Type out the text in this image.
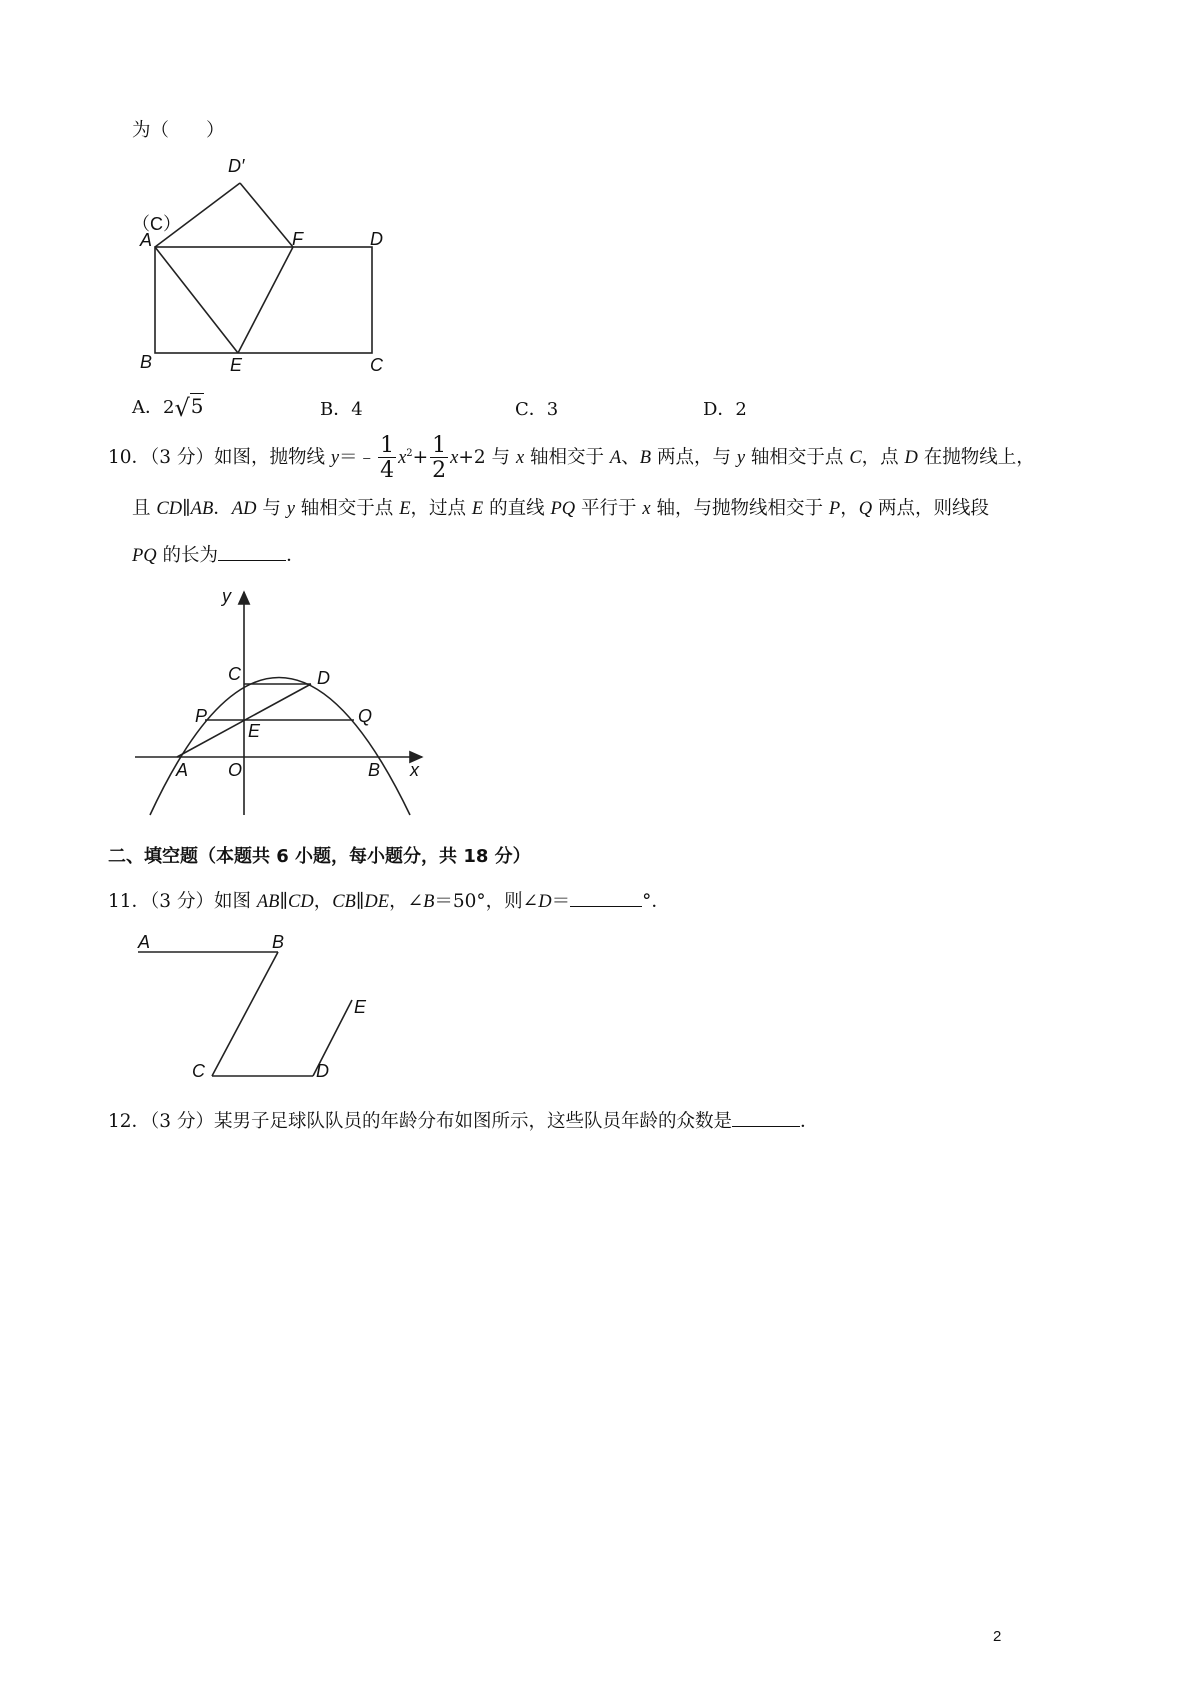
为（　　）
D′
（C）
A	F	D
B	E	C
A．2√5	B．4	C．3	D．2
10．（3 分）如图，抛物线 y＝﹣ $\frac{1}{4} x^2+ \frac{1}{2} x+2$ 与 x 轴相交于 A、B 两点，与 y 轴相交于点 C，点 D 在抛物线上，
且 CD∥AB．AD 与 y 轴相交于点 E，过点 E 的直线 PQ 平行于 x 轴，与抛物线相交于 P，Q 两点，则线段
PQ 的长为	．
y
x
C	D
P	Q
E
A O	B
二、填空题（本题共 6 小题，每小题分，共 18 分）
11．（3 分）如图 AB∥CD，CB∥DE，∠B＝50°，则∠D＝	°．
A	B
C	D
E
12．（3 分）某男子足球队队员的年龄分布如图所示，这些队员年龄的众数是	．
2
